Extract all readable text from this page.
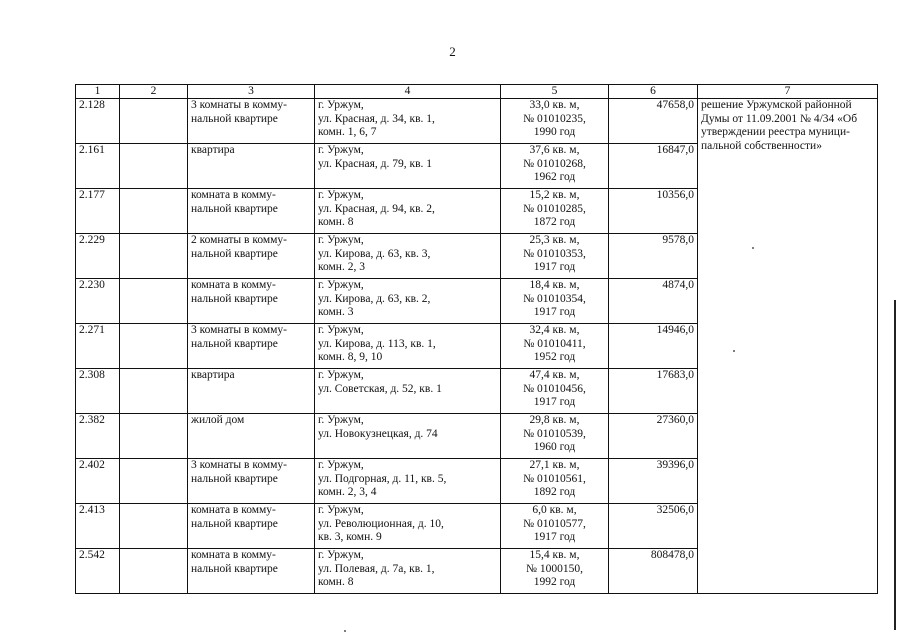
2
1	2	3	4	5	6	7
2.128		3 комнаты в комму-
нальной квартире	г. Уржум,
ул. Красная, д. 34, кв. 1,
комн. 1, 6, 7	33,0 кв. м,
№ 01010235,
1990 год	47658,0	решение Уржумской районной
Думы от 11.09.2001 № 4/34 «Об
утверждении реестра муници-
пальной собственности»

2.161		квартира	г. Уржум,
ул. Красная, д. 79, кв. 1	37,6 кв. м,
№ 01010268,
1962 год	16847,0	
2.177		комната в комму-
нальной квартире	г. Уржум,
ул. Красная, д. 94, кв. 2,
комн. 8	15,2 кв. м,
№ 01010285,
1872 год	10356,0	
2.229		2 комнаты в комму-
нальной квартире	г. Уржум,
ул. Кирова, д. 63, кв. 3,
комн. 2, 3	25,3 кв. м,
№ 01010353,
1917 год	9578,0	
2.230		комната в комму-
нальной квартире	г. Уржум,
ул. Кирова, д. 63, кв. 2,
комн. 3	18,4 кв. м,
№ 01010354,
1917 год	4874,0	
2.271		3 комнаты в комму-
нальной квартире	г. Уржум,
ул. Кирова, д. 113, кв. 1,
комн. 8, 9, 10	32,4 кв. м,
№ 01010411,
1952 год	14946,0	
2.308		квартира	г. Уржум,
ул. Советская, д. 52, кв. 1	47,4 кв. м,
№ 01010456,
1917 год	17683,0	
2.382		жилой дом	г. Уржум,
ул. Новокузнецкая, д. 74	29,8 кв. м,
№ 01010539,
1960 год	27360,0	
2.402		3 комнаты в комму-
нальной квартире	г. Уржум,
ул. Подгорная, д. 11, кв. 5,
комн. 2, 3, 4	27,1 кв. м,
№ 01010561,
1892 год	39396,0	
2.413		комната в комму-
нальной квартире	г. Уржум,
ул. Революционная, д. 10,
кв. 3, комн. 9	6,0 кв. м,
№ 01010577,
1917 год	32506,0	
2.542		комната в комму-
нальной квартире	г. Уржум,
ул. Полевая, д. 7а, кв. 1,
комн. 8	15,4 кв. м,
№ 1000150,
1992 год	808478,0	
